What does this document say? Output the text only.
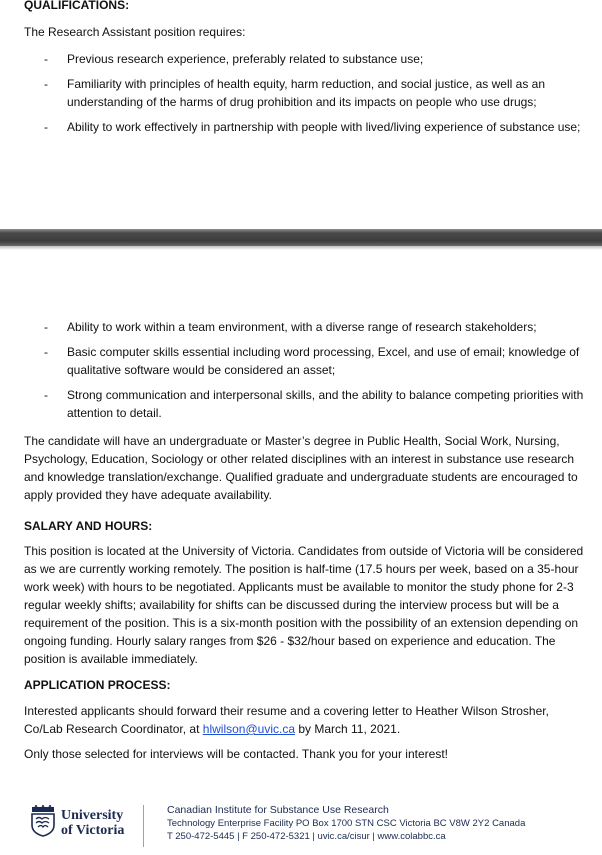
QUALIFICATIONS:

The Research Assistant position requires:

- Previous research experience, preferably related to substance use;
- Familiarity with principles of health equity, harm reduction, and social justice, as well as an understanding of the harms of drug prohibition and its impacts on people who use drugs;
- Ability to work effectively in partnership with people with lived/living experience of substance use;
- Ability to work within a team environment, with a diverse range of research stakeholders;
- Basic computer skills essential including word processing, Excel, and use of email; knowledge of qualitative software would be considered an asset;
- Strong communication and interpersonal skills, and the ability to balance competing priorities with attention to detail.

The candidate will have an undergraduate or Master’s degree in Public Health, Social Work, Nursing, Psychology, Education, Sociology or other related disciplines with an interest in substance use research and knowledge translation/exchange. Qualified graduate and undergraduate students are encouraged to apply provided they have adequate availability.

SALARY AND HOURS:

This position is located at the University of Victoria. Candidates from outside of Victoria will be considered as we are currently working remotely. The position is half-time (17.5 hours per week, based on a 35-hour work week) with hours to be negotiated. Applicants must be available to monitor the study phone for 2-3 regular weekly shifts; availability for shifts can be discussed during the interview process but will be a requirement of the position. This is a six-month position with the possibility of an extension depending on ongoing funding. Hourly salary ranges from $26 - $32/hour based on experience and education. The position is available immediately.

APPLICATION PROCESS:

Interested applicants should forward their resume and a covering letter to Heather Wilson Strosher, Co/Lab Research Coordinator, at hlwilson@uvic.ca by March 11, 2021.

Only those selected for interviews will be contacted. Thank you for your interest!

University
of Victoria
Canadian Institute for Substance Use Research
Technology Enterprise Facility PO Box 1700 STN CSC Victoria BC V8W 2Y2 Canada
T 250-472-5445 | F 250-472-5321 | uvic.ca/cisur | www.colabbc.ca
